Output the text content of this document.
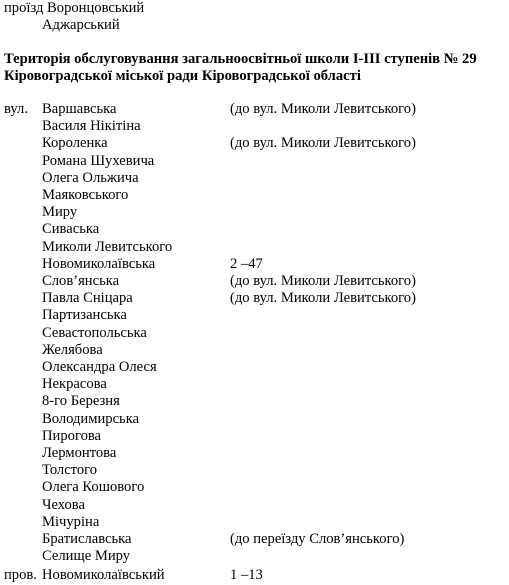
проїзд Воронцовський
Аджарський
Територія обслуговування загальноосвітньої школи І-ІІІ ступенів № 29
Кіровоградської міської ради Кіровоградської області
вул. Варшавська	(до вул. Миколи Левитського)
Василя Нікітіна
Короленка	(до вул. Миколи Левитського)
Романа Шухевича
Олега Ольжича
Маяковського
Миру
Сиваська
Миколи Левитського
Новомиколаївська	2 –47
Слов’янська	(до вул. Миколи Левитського)
Павла Сніцара	(до вул. Миколи Левитського)
Партизанська
Севастопольська
Желябова
Олександра Олеся
Некрасова
8-го Березня
Володимирська
Пирогова
Лермонтова
Толстого
Олега Кошового
Чехова
Мічуріна
Братиславська	(до переїзду Слов’янського)
Селище Миру
пров. Новомиколаївський	1 –13
